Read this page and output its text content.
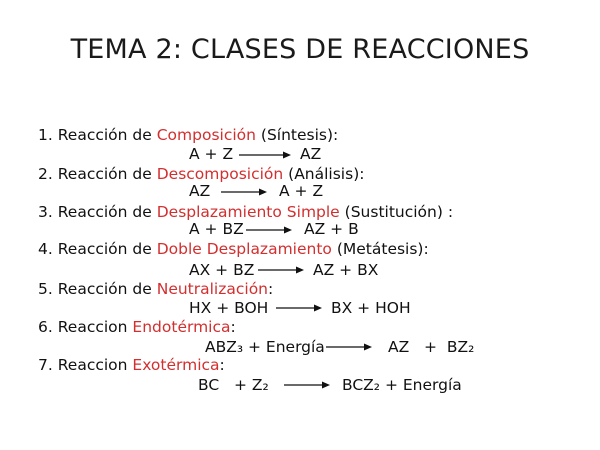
TEMA 2: CLASES DE REACCIONES
1. Reacción de Composición (Síntesis):
A + Z → AZ
2. Reacción de Descomposición (Análisis):
AZ → A + Z
3. Reacción de Desplazamiento Simple (Sustitución) :
A + BZ → AZ + B
4. Reacción de Doble Desplazamiento (Metátesis):
AX + BZ → AZ + BX
5. Reacción de Neutralización:
HX + BOH → BX + HOH
6. Reaccion Endotérmica:
ABZ₃ + Energía → AZ   +  BZ₂
7. Reaccion Exotérmica:
BC   + Z₂ → BCZ₂ + Energía
